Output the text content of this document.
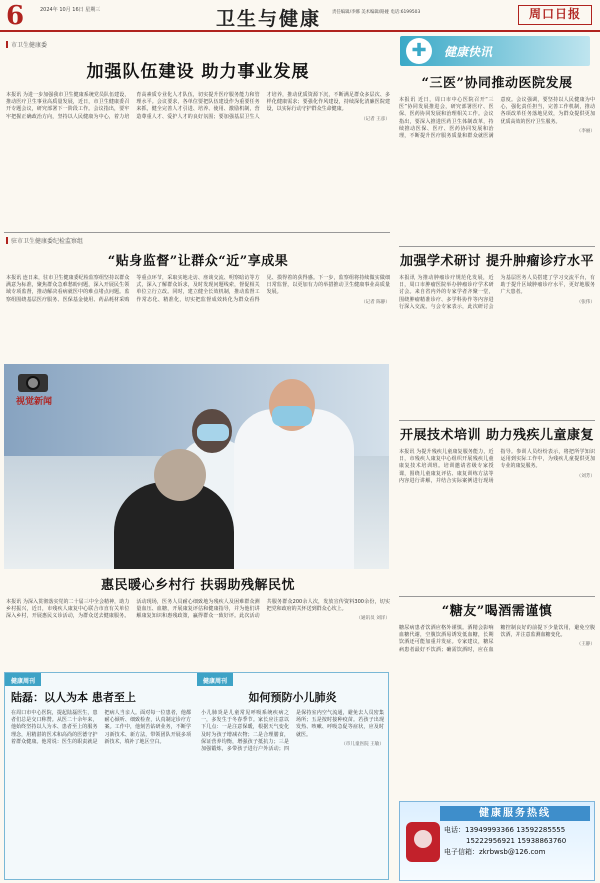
6	2024年 10月 16日 星期三	卫生与健康 责任编辑/李娜 美术编辑/路娅 电话:6199503	周口日报
市卫生健康委
加强队伍建设 助力事业发展
本报讯 为进一步加强我市卫生健康系统党员队伍建设，推动医疗卫生事业高质量发展，近日，市卫生健康委召开专题会议，研究部署下一阶段工作。会议指出，要牢牢把握正确政治方向，坚持以人民健康为中心，着力培育高素质专业化人才队伍，切实提升医疗服务能力和管理水平。会议要求，各单位要把队伍建设作为重要任务来抓，健全完善人才引进、培养、使用、激励机制，营造尊重人才、爱护人才的良好氛围；要加强基层卫生人才培养，推动优质资源下沉，不断满足群众多层次、多样化健康需求；要强化作风建设，持续深化清廉医院建设，以实际行动守护群众生命健康。
（记者 王彦）
驻市卫生健康委纪检监察组
“贴身监督”让群众“近”享成果
本报讯 连日来，驻市卫生健康委纪检监察组坚持以群众满意为标准，聚焦群众急难愁盼问题，深入开展民生领域专项监督，推动解决看病就医中的难点堵点问题。监察组围绕基层医疗服务、医保基金使用、药品耗材采购等重点环节，采取实地走访、座谈交流、明察暗访等方式，深入了解群众诉求，及时发现问题线索，督促相关单位立行立改。同时，建立健全长效机制，推动监督工作常态化、精准化，切实把监督成效转化为群众看得见、摸得着的获得感。下一步，监察组将持续做实做细日常监督，以更加有力的举措推动卫生健康事业高质量发展。
（记者 陈静）
视觉新闻
惠民暖心乡村行 扶弱助残解民忧
本报讯 为深入贯彻落实党的二十届三中全会精神，助力乡村振兴，近日，市残疾人康复中心联合市直有关单位深入乡村，开展惠民义诊活动，为群众送去健康服务。活动现场，医务人员耐心细致地为残疾人及困难群众测量血压、血糖，开展康复评估和健康指导，并为他们讲解康复知识和惠残政策，赢得群众一致好评。此次活动共服务群众200余人次，发放宣传资料300余份，切实把党和政府的关怀送到群众心坎上。
（通讯员 刘洋）
健康周刊	健康周刊
陆磊：以人为本 患者至上
在周口市中心医院，提起陆磊医生，患者们总是交口称赞。从医二十余年来，他始终坚持以人为本、患者至上的服务理念，用精湛的医术和高尚的医德守护着群众健康。他常说：医生的职责就是把病人当亲人。面对每一位患者，他都耐心倾听、细致检查，认真制定诊疗方案。工作中，他刻苦钻研业务，不断学习新技术、新方法，带领团队开展多项新技术，填补了地区空白。
如何预防小儿肺炎
小儿肺炎是儿童常见呼吸系统疾病之一，多发生于冬春季节。家长应注意以下几点：一是注意保暖，根据天气变化及时为孩子增减衣物；二是合理膳食，保证营养均衡，增强孩子抵抗力；三是加强锻炼，多带孩子进行户外活动；四是保持室内空气流通，避免去人员密集场所；五是按时接种疫苗。若孩子出现发热、咳嗽、呼吸急促等症状，应及时就医。
（市儿童医院 王敏）
✚	健康快讯
“三医”协同推动医院发展
本报讯 近日，周口市中心医院召开“三医”协同发展推进会，研究部署医疗、医保、医药协同发展和治理相关工作。会议指出，要深入推进医药卫生体制改革，持续推动医保、医疗、医药协同发展和治理，不断提升医疗服务质量和群众就医满意度。会议强调，要坚持以人民健康为中心，强化责任担当，完善工作机制，推动各项改革任务落地见效，为群众提供更加优质高效的医疗卫生服务。
（李丽）
加强学术研讨 提升肿瘤诊疗水平
本报讯 为推动肿瘤诊疗规范化发展，近日，周口市肿瘤医院举办肿瘤诊疗学术研讨会。来自省内外的专家学者齐聚一堂，围绕肿瘤精准诊疗、多学科协作等内容进行深入交流。与会专家表示，此次研讨会为基层医务人员搭建了学习交流平台，有助于提升区域肿瘤诊疗水平，更好地服务广大患者。
（张伟）
开展技术培训 助力残疾儿童康复
本报讯 为提升残疾儿童康复服务能力，近日，市残疾人康复中心组织开展残疾儿童康复技术培训班。培训邀请省级专家授课，围绕儿童康复评估、康复训练方法等内容进行讲解，并结合实际案例进行现场指导。参训人员纷纷表示，将把所学知识运用到实际工作中，为残疾儿童提供更加专业的康复服务。
（刘芳）
“糖友”喝酒需谨慎
糖尿病患者饮酒应格外谨慎。酒精会影响血糖代谢，空腹饮酒易诱发低血糖，长期饮酒还可能加重并发症。专家建议，糖尿病患者最好不饮酒；确需饮酒时，应在血糖控制良好的前提下少量饮用，避免空腹饮酒，并注意监测血糖变化。
（王静）
健康服务热线
电话：13949993366 13592285555
15222956921 15938863760
电子信箱：zkrbwsb@126.com
